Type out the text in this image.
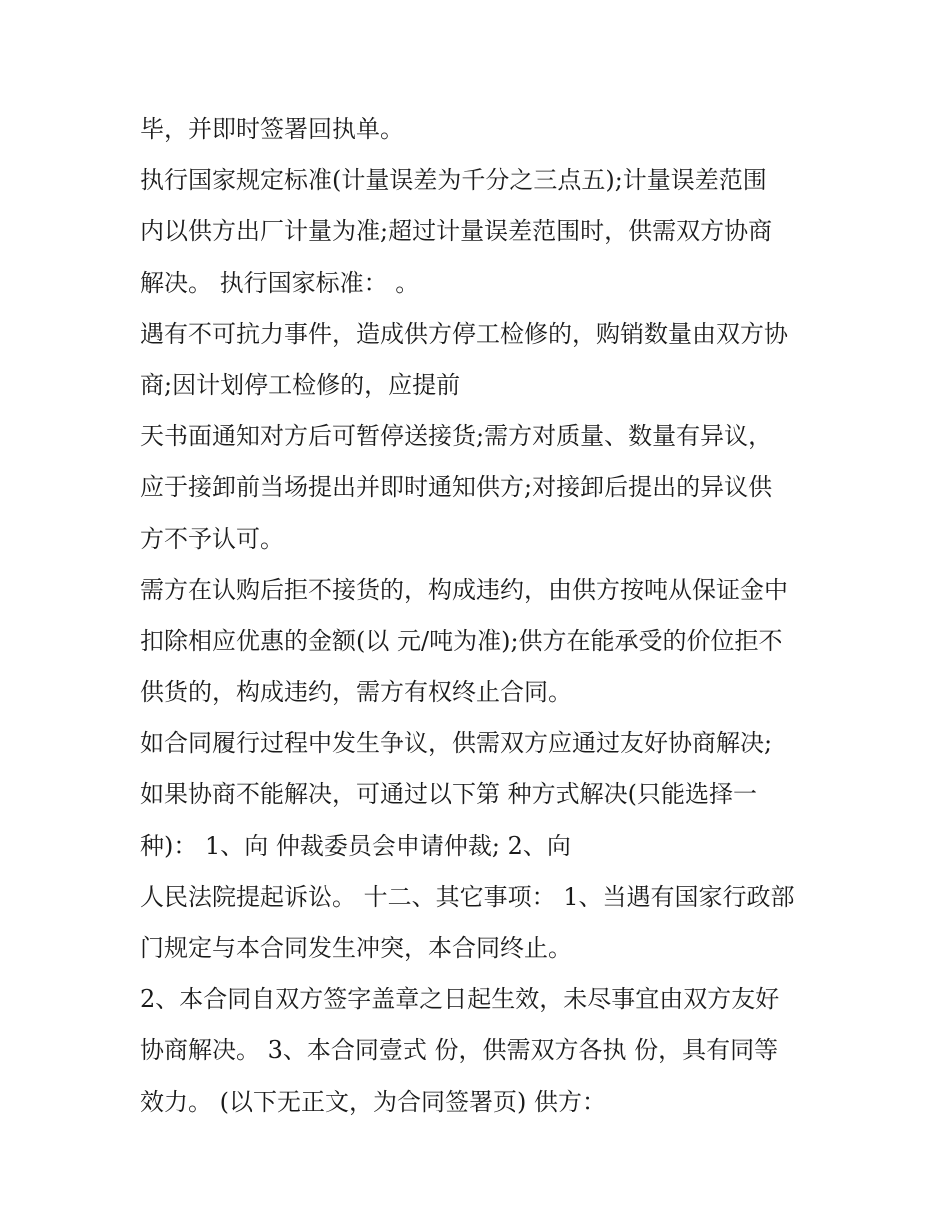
毕，并即时签署回执单。
执行国家规定标准(计量误差为千分之三点五);计量误差范围
内以供方出厂计量为准;超过计量误差范围时，供需双方协商
解决。 执行国家标准： 。
遇有不可抗力事件，造成供方停工检修的，购销数量由双方协
商;因计划停工检修的，应提前
天书面通知对方后可暂停送接货;需方对质量、数量有异议，
应于接卸前当场提出并即时通知供方;对接卸后提出的异议供
方不予认可。
需方在认购后拒不接货的，构成违约，由供方按吨从保证金中
扣除相应优惠的金额(以 元/吨为准);供方在能承受的价位拒不
供货的，构成违约，需方有权终止合同。
如合同履行过程中发生争议，供需双方应通过友好协商解决;
如果协商不能解决，可通过以下第 种方式解决(只能选择一
种)： 1、向 仲裁委员会申请仲裁; 2、向
人民法院提起诉讼。 十二、其它事项： 1、当遇有国家行政部
门规定与本合同发生冲突，本合同终止。
2、本合同自双方签字盖章之日起生效，未尽事宜由双方友好
协商解决。 3、本合同壹式 份，供需双方各执 份，具有同等
效力。 (以下无正文，为合同签署页) 供方：
